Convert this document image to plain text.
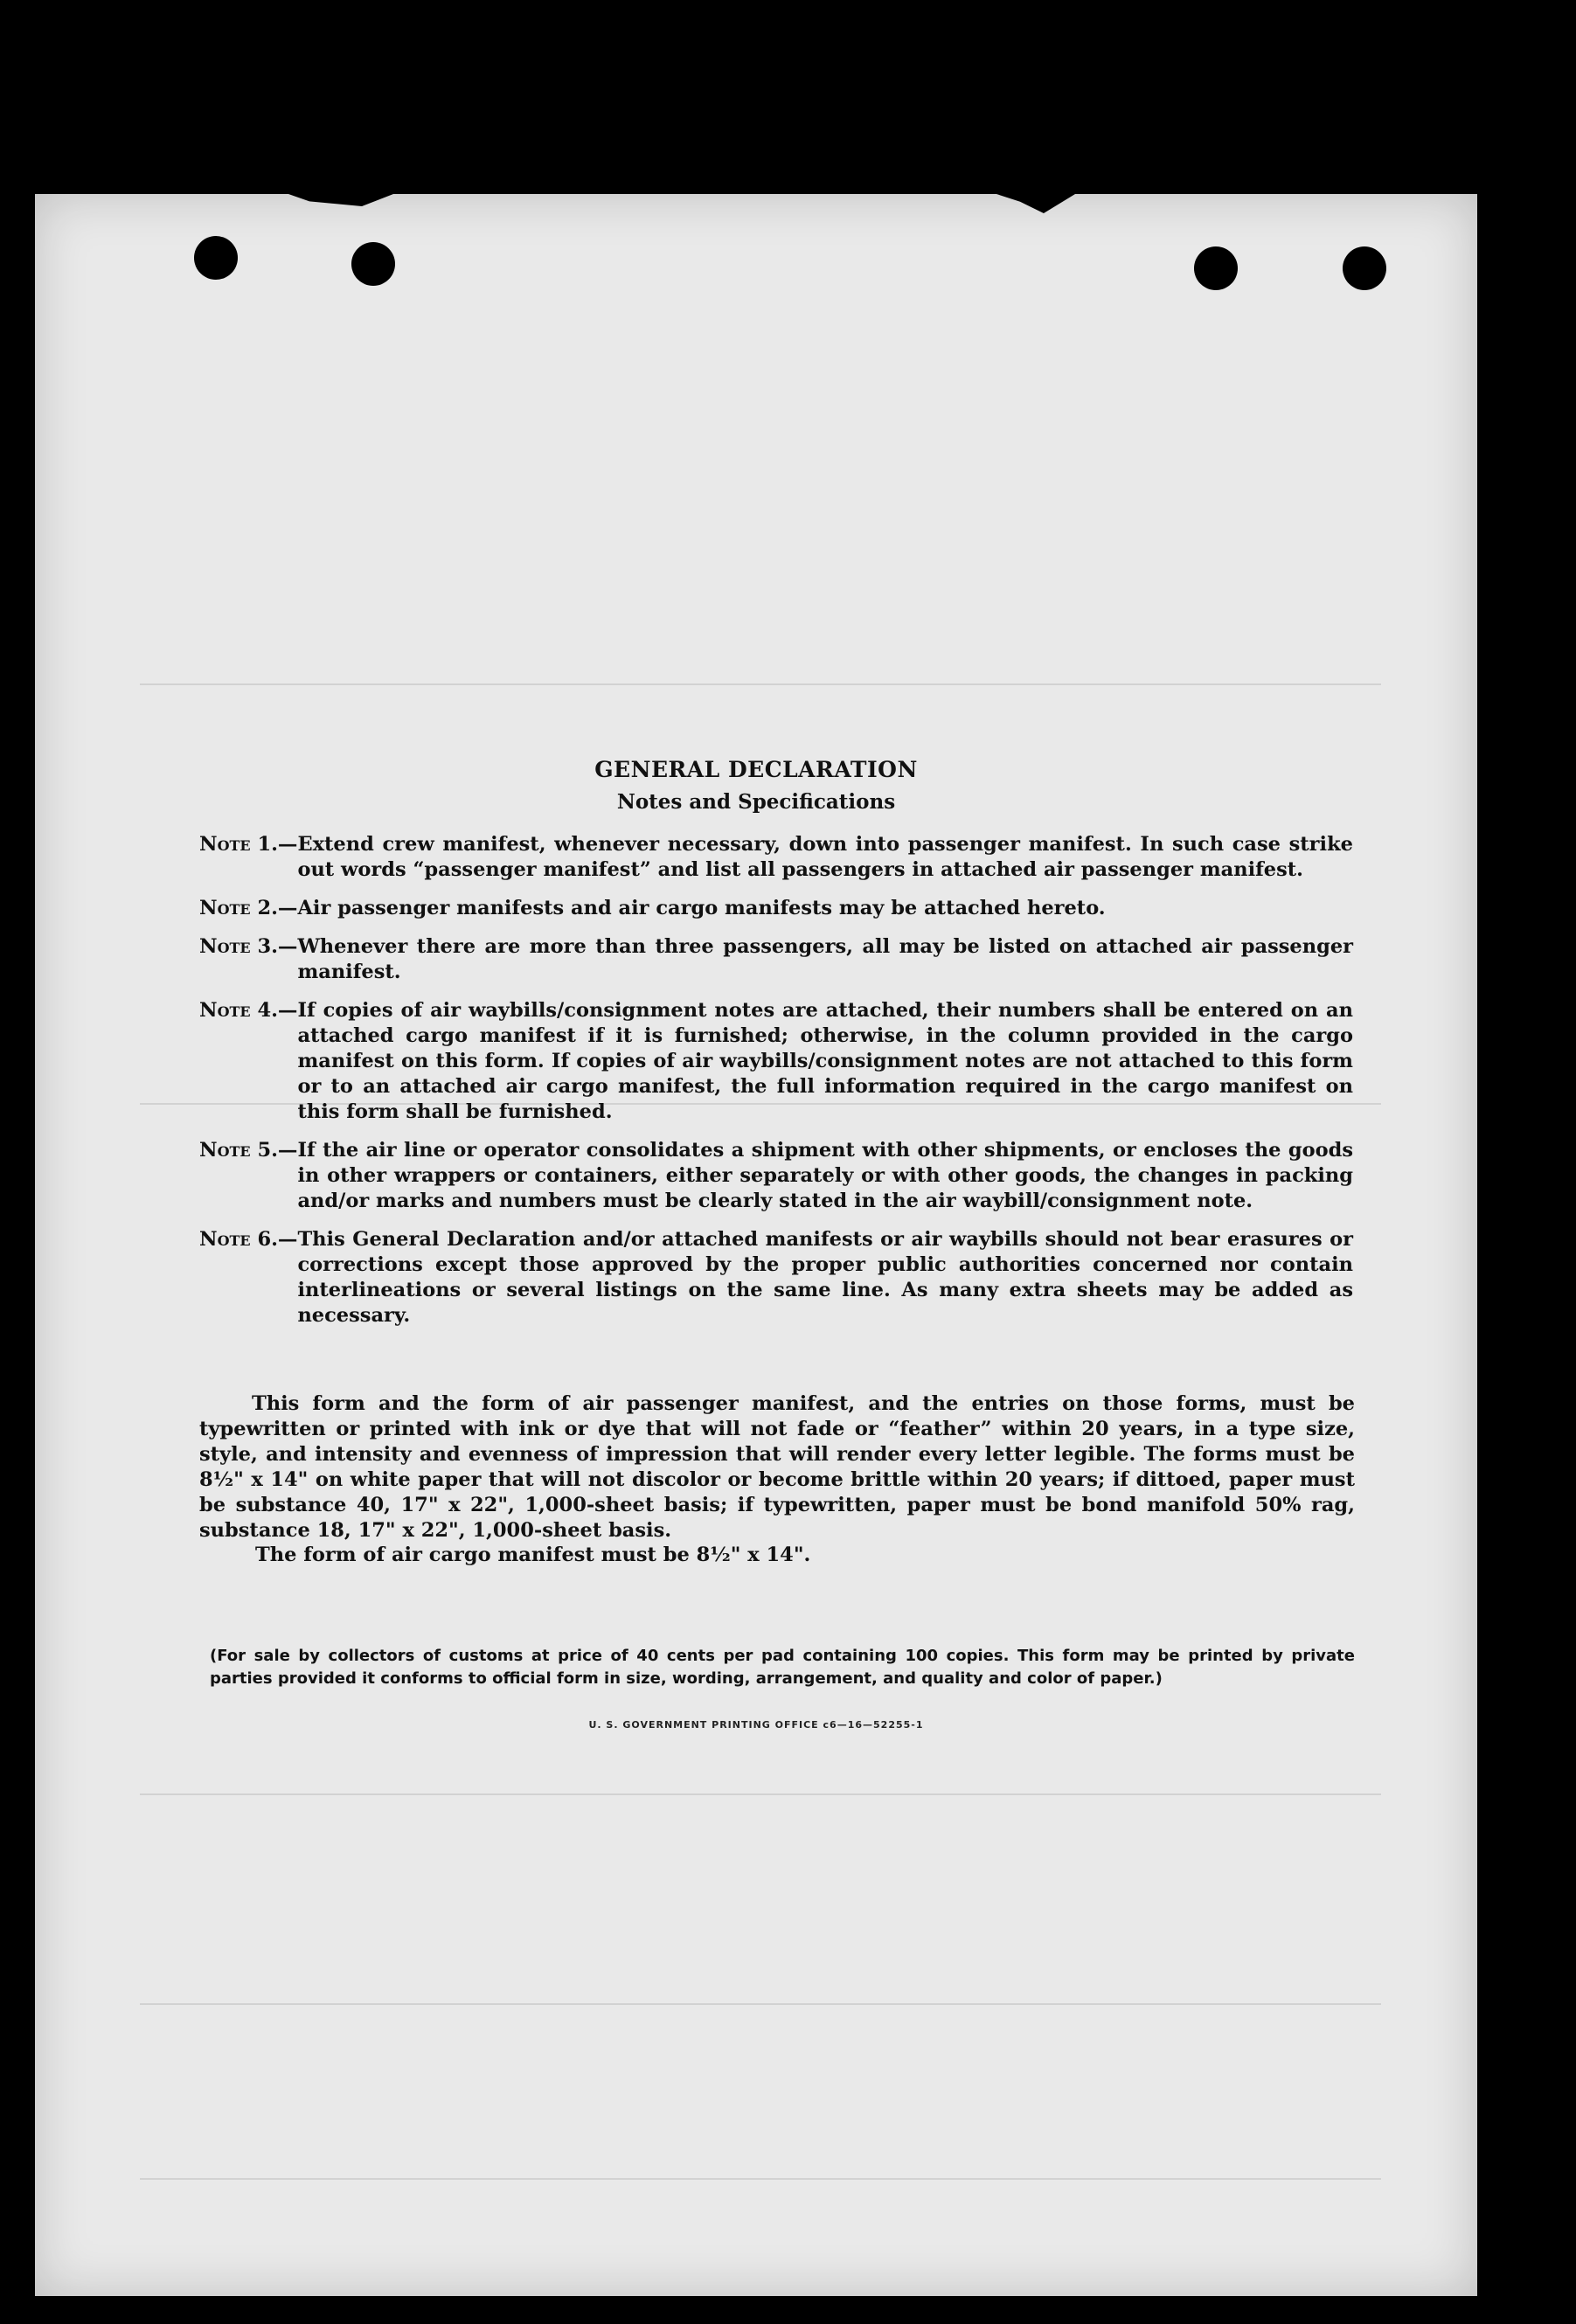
GENERAL DECLARATION
Notes and Specifications
Note 1.— Extend crew manifest, whenever necessary, down into passenger manifest. In such case strike out words “passenger manifest” and list all passengers in attached air passenger manifest.
Note 2.— Air passenger manifests and air cargo manifests may be attached hereto.
Note 3.— Whenever there are more than three passengers, all may be listed on attached air passenger manifest.
Note 4.— If copies of air waybills/consignment notes are attached, their numbers shall be entered on an attached cargo manifest if it is furnished; otherwise, in the column provided in the cargo manifest on this form. If copies of air waybills/consignment notes are not attached to this form or to an attached air cargo manifest, the full information required in the cargo manifest on this form shall be furnished.
Note 5.— If the air line or operator consolidates a shipment with other shipments, or encloses the goods in other wrappers or containers, either separately or with other goods, the changes in packing and/or marks and numbers must be clearly stated in the air waybill/consignment note.
Note 6.— This General Declaration and/or attached manifests or air waybills should not bear erasures or corrections except those approved by the proper public authorities concerned nor contain interlineations or several listings on the same line. As many extra sheets may be added as necessary.
This form and the form of air passenger manifest, and the entries on those forms, must be typewritten or printed with ink or dye that will not fade or “feather” within 20 years, in a type size, style, and intensity and evenness of impression that will render every letter legible. The forms must be 8½" x 14" on white paper that will not discolor or become brittle within 20 years; if dittoed, paper must be substance 40, 17" x 22", 1,000-sheet basis; if typewritten, paper must be bond manifold 50% rag, substance 18, 17" x 22", 1,000-sheet basis.
The form of air cargo manifest must be 8½" x 14".
(For sale by collectors of customs at price of 40 cents per pad containing 100 copies. This form may be printed by private parties provided it conforms to official form in size, wording, arrangement, and quality and color of paper.)
U. S. GOVERNMENT PRINTING OFFICE c6—16—52255-1
